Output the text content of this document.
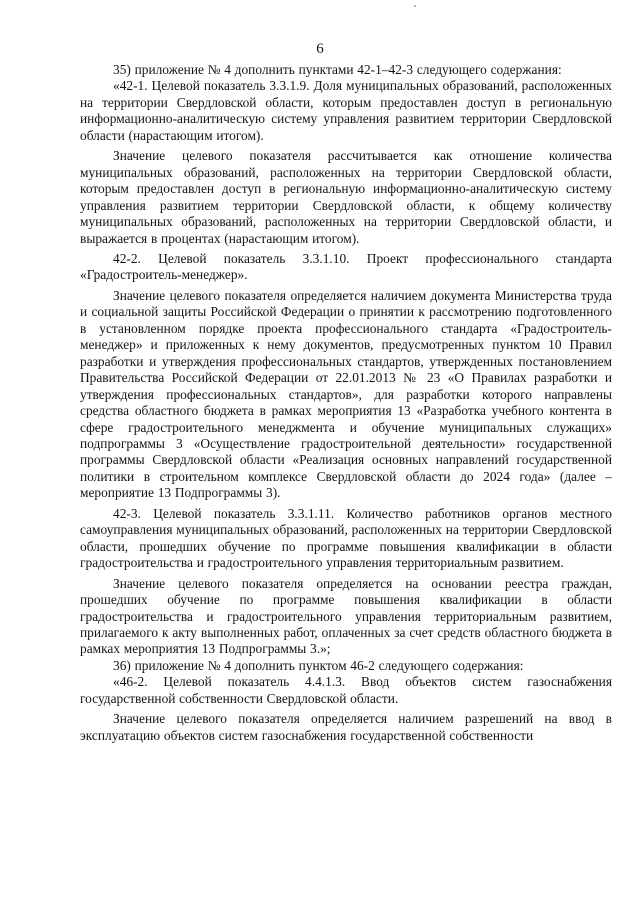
6

35) приложение № 4 дополнить пунктами 42-1–42-3 следующего содержания:

«42-1. Целевой показатель 3.3.1.9. Доля муниципальных образований, расположенных на территории Свердловской области, которым предоставлен доступ в региональную информационно-аналитическую систему управления развитием территории Свердловской области (нарастающим итогом).

Значение целевого показателя рассчитывается как отношение количества муниципальных образований, расположенных на территории Свердловской области, которым предоставлен доступ в региональную информационно-аналитическую систему управления развитием территории Свердловской области, к общему количеству муниципальных образований, расположенных на территории Свердловской области, и выражается в процентах (нарастающим итогом).

42-2. Целевой показатель 3.3.1.10. Проект профессионального стандарта «Градостроитель-менеджер».

Значение целевого показателя определяется наличием документа Министерства труда и социальной защиты Российской Федерации о принятии к рассмотрению подготовленного в установленном порядке проекта профессионального стандарта «Градостроитель-менеджер» и приложенных к нему документов, предусмотренных пунктом 10 Правил разработки и утверждения профессиональных стандартов, утвержденных постановлением Правительства Российской Федерации от 22.01.2013 № 23 «О Правилах разработки и утверждения профессиональных стандартов», для разработки которого направлены средства областного бюджета в рамках мероприятия 13 «Разработка учебного контента в сфере градостроительного менеджмента и обучение муниципальных служащих» подпрограммы 3 «Осуществление градостроительной деятельности» государственной программы Свердловской области «Реализация основных направлений государственной политики в строительном комплексе Свердловской области до 2024 года» (далее – мероприятие 13 Подпрограммы 3).

42-3. Целевой показатель 3.3.1.11. Количество работников органов местного самоуправления муниципальных образований, расположенных на территории Свердловской области, прошедших обучение по программе повышения квалификации в области градостроительства и градостроительного управления территориальным развитием.

Значение целевого показателя определяется на основании реестра граждан, прошедших обучение по программе повышения квалификации в области градостроительства и градостроительного управления территориальным развитием, прилагаемого к акту выполненных работ, оплаченных за счет средств областного бюджета в рамках мероприятия 13 Подпрограммы 3.»;

36) приложение № 4 дополнить пунктом 46-2 следующего содержания:

«46-2. Целевой показатель 4.4.1.3. Ввод объектов систем газоснабжения государственной собственности Свердловской области.

Значение целевого показателя определяется наличием разрешений на ввод в эксплуатацию объектов систем газоснабжения государственной собственности
